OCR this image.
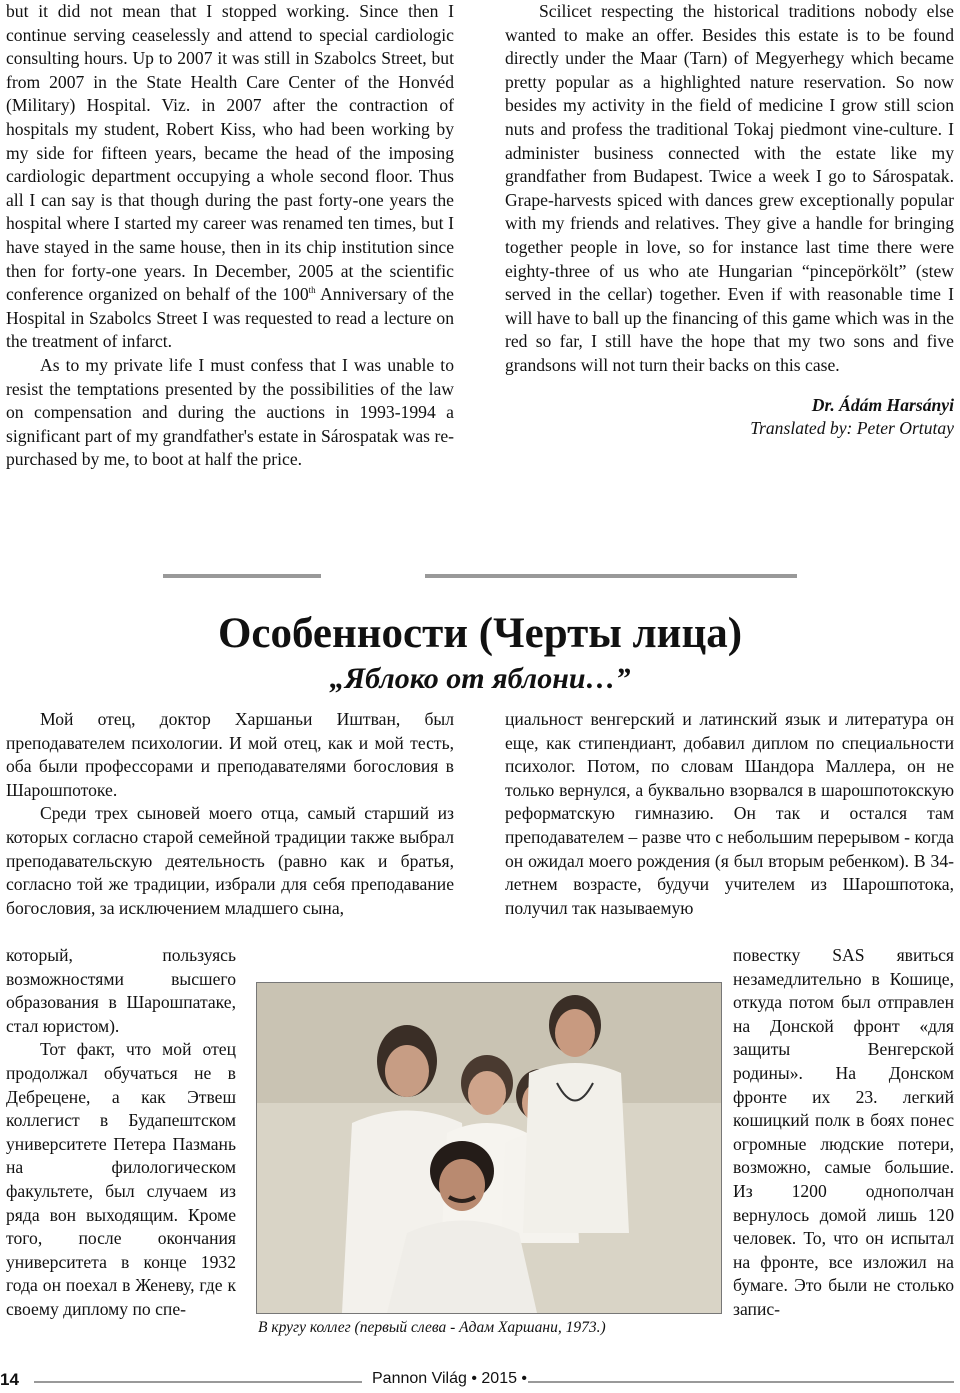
but it did not mean that I stopped working. Since then I continue serving ceaselessly and attend to special cardiologic consulting hours. Up to 2007 it was still in Szabolcs Street, but from 2007 in the State Health Care Center of the Honvéd (Military) Hospital. Viz. in 2007 after the contraction of hospitals my student, Robert Kiss, who had been working by my side for fifteen years, became the head of the imposing cardiologic department occupying a whole second floor. Thus all I can say is that though during the past forty-one years the hospital where I started my career was renamed ten times, but I have stayed in the same house, then in its chip institution since then for forty-one years. In December, 2005 at the scientific conference organized on behalf of the 100th Anniversary of the Hospital in Szabolcs Street I was requested to read a lecture on the treatment of infarct.

As to my private life I must confess that I was unable to resist the temptations presented by the possibilities of the law on compensation and during the auctions in 1993-1994 a significant part of my grandfather's estate in Sárospatak was re-purchased by me, to boot at half the price.

Scilicet respecting the historical traditions nobody else wanted to make an offer. Besides this estate is to be found directly under the Maar (Tarn) of Megyerhegy which became pretty popular as a highlighted nature reservation. So now besides my activity in the field of medicine I grow still scion nuts and profess the traditional Tokaj piedmont vine-culture. I administer business connected with the estate like my grandfather from Budapest. Twice a week I go to Sárospatak. Grape-harvests spiced with dances grew exceptionally popular with my friends and relatives. They give a handle for bringing together people in love, so for instance last time there were eighty-three of us who ate Hungarian “pincepörkölt” (stew served in the cellar) together. Even if with reasonable time I will have to ball up the financing of this game which was in the red so far, I still have the hope that my two sons and five grandsons will not turn their backs on this case.

Dr. Ádám Harsányi
Translated by: Peter Ortutay

Особенности (Черты лица)
„Яблоко от яблони…”

Мой отец, доктор Харшаньи Иштван, был преподавателем психологии. И мой отец, как и мой тесть, оба были профессорами и преподавателями богословия в Шарошпотоке.

Среди трех сыновей моего отца, самый старший из которых согласно старой семейной традиции также выбрал преподавательскую деятельность (равно как и братья, согласно той же традиции, избрали для себя преподавание богословия, за исключением младшего сына,

который, пользуясь возможностями высшего образования в Шарошпатаке, стал юристом).

Тот факт, что мой отец продолжал обучаться не в Дебрецене, а как Этвеш коллегист в Будапештском университете Петера Пазмань на филологическом факультете, был случаем из ряда вон выходящим. Кроме того, после окончания университета в конце 1932 года он поехал в Женеву, где к своему диплому по спе-

циальност венгерский и латинский язык и литература он еще, как стипендиант, добавил диплом по специальности психолог. Потом, по словам Шандора Маллера, он не только вернулся, а буквально взорвался в шарошпотокскую реформатскую гимназию. Он так и остался там преподавателем – разве что с небольшим перерывом - когда он ожидал моего рождения (я был вторым ребенком). В 34-летнем возрасте, будучи учителем из Шарошпотока, получил так называемую

повестку SAS явиться незамедлительно в Кошице, откуда потом был отправлен на Донской фронт «для защиты Венгерской родины». На Донском фронте их 23. легкий кошицкий полк в боях понес огромные людские потери, возможно, самые большие. Из 1200 однополчан вернулось домой лишь 120 человек. То, что он испытал на фронте, все изложил на бумаге. Это были не столько запис-

В кругу коллег (первый слева - Адам Харшани, 1973.)
14	Pannon Világ • 2015 •
